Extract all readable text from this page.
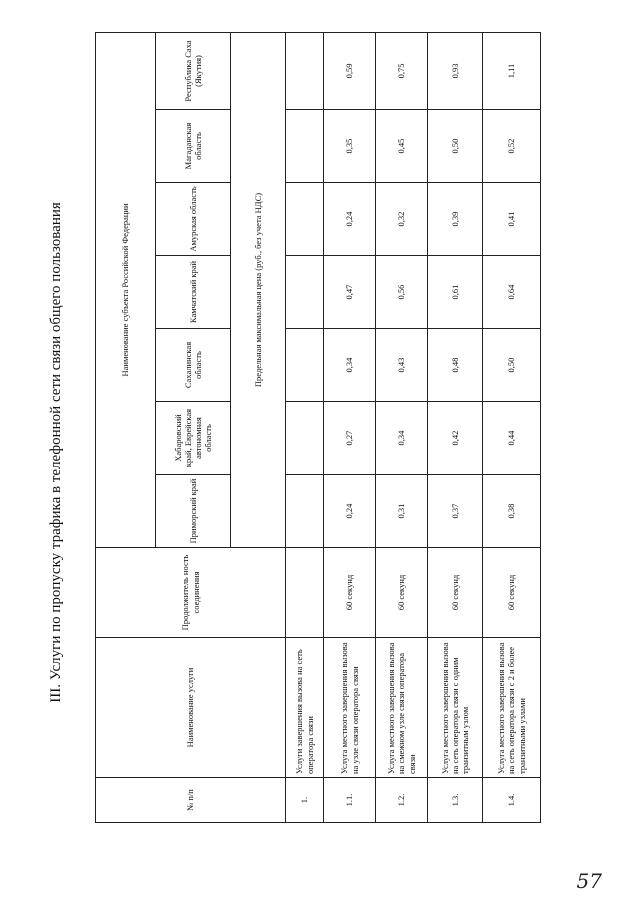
III. Услуги по пропуску трафика в телефонной сети связи общего пользования
№ п/п	Наименование услуги	Продолжитель ность соединения	Наименование субъекта Российской Федерации						
			Приморский край	Хабаровский край, Еврейская автономная область	Сахалинская область	Камчатский край	Амурская область	Магаданская область	Республика Саха (Якутия)
			Предельная максимальная цена (руб., без учета НДС)						
1.	Услуги завершения вызова на сеть оператора связи								
1.1.	Услуга местного завершения вызова на узле связи оператора связи	60 секунд	0,24	0,27	0,34	0,47	0,24	0,35	0,59
1.2.	Услуга местного завершения вызова на смежном узле связи оператора связи	60 секунд	0,31	0,34	0,43	0,56	0,32	0,45	0,75
1.3.	Услуга местного завершения вызова на сеть оператора связи с одним транзитным узлом	60 секунд	0,37	0,42	0,48	0,61	0,39	0,50	0,93
1.4.	Услуга местного завершения вызова на сеть оператора связи с 2 и более транзитными узлами	60 секунд	0,38	0,44	0,50	0,64	0,41	0,52	1,11
57
